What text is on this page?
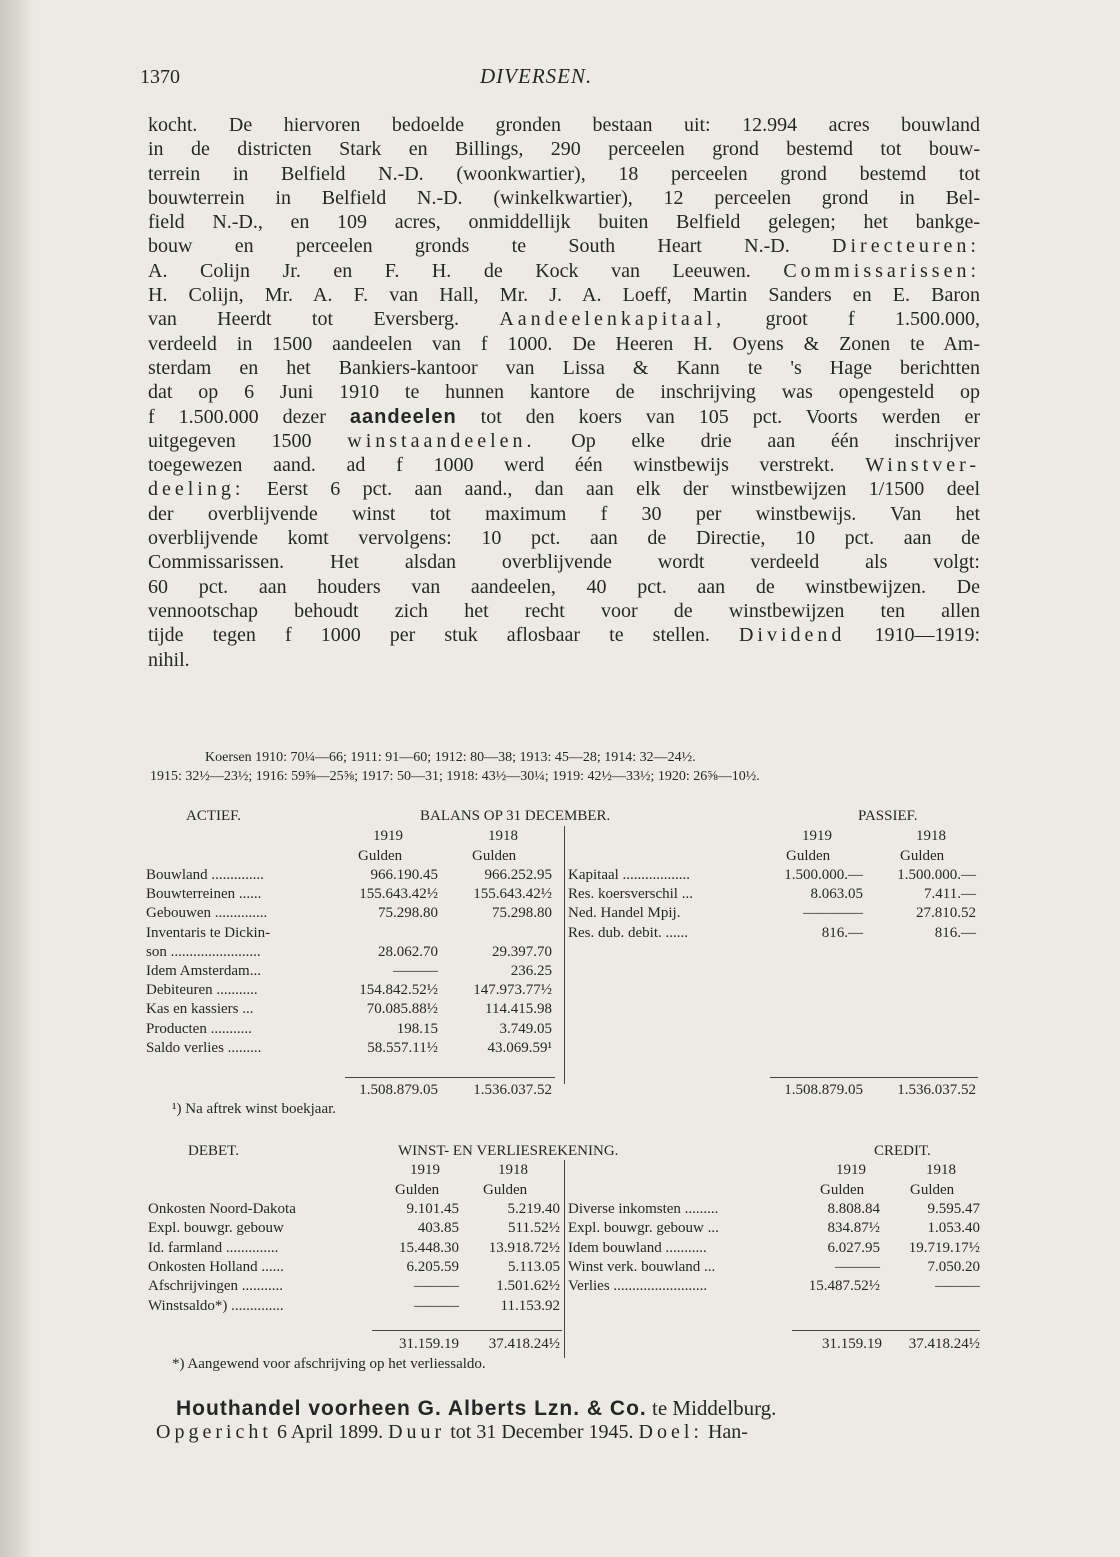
1370	DIVERSEN.
kocht. De hiervoren bedoelde gronden bestaan uit: 12.994 acres bouwland
in de districten Stark en Billings, 290 perceelen grond bestemd tot bouw-
terrein in Belfield N.-D. (woonkwartier), 18 perceelen grond bestemd tot
bouwterrein in Belfield N.-D. (winkelkwartier), 12 perceelen grond in Bel-
field N.-D., en 109 acres, onmiddellijk buiten Belfield gelegen; het bankge-
bouw en perceelen gronds te South Heart N.-D. Directeuren:
A. Colijn Jr. en F. H. de Kock van Leeuwen. Commissarissen:
H. Colijn, Mr. A. F. van Hall, Mr. J. A. Loeff, Martin Sanders en E. Baron
van Heerdt tot Eversberg. Aandeelenkapitaal, groot f 1.500.000,
verdeeld in 1500 aandeelen van f 1000. De Heeren H. Oyens & Zonen te Am-
sterdam en het Bankiers-kantoor van Lissa & Kann te 's Hage berichtten
dat op 6 Juni 1910 te hunnen kantore de inschrijving was opengesteld op
f 1.500.000 dezer aandeelen tot den koers van 105 pct. Voorts werden er
uitgegeven 1500 winstaandeelen. Op elke drie aan één inschrijver
toegewezen aand. ad f 1000 werd één winstbewijs verstrekt. Winstver-
deeling: Eerst 6 pct. aan aand., dan aan elk der winstbewijzen 1/1500 deel
der overblijvende winst tot maximum f 30 per winstbewijs. Van het
overblijvende komt vervolgens: 10 pct. aan de Directie, 10 pct. aan de
Commissarissen. Het alsdan overblijvende wordt verdeeld als volgt:
60 pct. aan houders van aandeelen, 40 pct. aan de winstbewijzen. De
vennootschap behoudt zich het recht voor de winstbewijzen ten allen
tijde tegen f 1000 per stuk aflosbaar te stellen. Dividend 1910—1919:
nihil.
Koersen 1910: 70¼—66; 1911: 91—60; 1912: 80—38; 1913: 45—28; 1914: 32—24½.
1915: 32½—23½; 1916: 59⅝—25⅝; 1917: 50—31; 1918: 43½—30¼; 1919: 42½—33½; 1920: 26⅝—10½.
ACTIEF.	BALANS OP 31 DECEMBER.	PASSIEF.
1919	1918	1919	1918
Gulden	Gulden	Gulden	Gulden
Bouwland ..............	966.190.45	966.252.95
Bouwterreinen ......	155.643.42½	155.643.42½
Gebouwen ..............	75.298.80	75.298.80
Inventaris te Dickin-
son ........................	28.062.70	29.397.70
Idem Amsterdam...	———	236.25
Debiteuren ...........	154.842.52½	147.973.77½
Kas en kassiers ...	70.085.88½	114.415.98
Producten ...........	198.15	3.749.05
Saldo verlies .........	58.557.11½	43.069.59¹
Kapitaal ..................	1.500.000.—	1.500.000.—
Res. koersverschil ...	8.063.05	7.411.—
Ned. Handel Mpij.	————	27.810.52
Res. dub. debit. ......	816.—	816.—
1.508.879.05	1.536.037.52	1.508.879.05	1.536.037.52
¹) Na aftrek winst boekjaar.
DEBET.	WINST- EN VERLIESREKENING.	CREDIT.
1919	1918	1919	1918
Gulden	Gulden	Gulden	Gulden
Onkosten Noord-Dakota	9.101.45	5.219.40
Expl. bouwgr. gebouw	403.85	511.52½
Id. farmland ..............	15.448.30	13.918.72½
Onkosten Holland ......	6.205.59	5.113.05
Afschrijvingen ...........	———	1.501.62½
Winstsaldo*) ..............	———	11.153.92
Diverse inkomsten .........	8.808.84	9.595.47
Expl. bouwgr. gebouw ...	834.87½	1.053.40
Idem bouwland ...........	6.027.95	19.719.17½
Winst verk. bouwland ...	———	7.050.20
Verlies .........................	15.487.52½	———
31.159.19	37.418.24½	31.159.19	37.418.24½
*) Aangewend voor afschrijving op het verliessaldo.
Houthandel voorheen G. Alberts Lzn. & Co. te Middelburg.
Opgericht 6 April 1899. Duur tot 31 December 1945. Doel: Han-
